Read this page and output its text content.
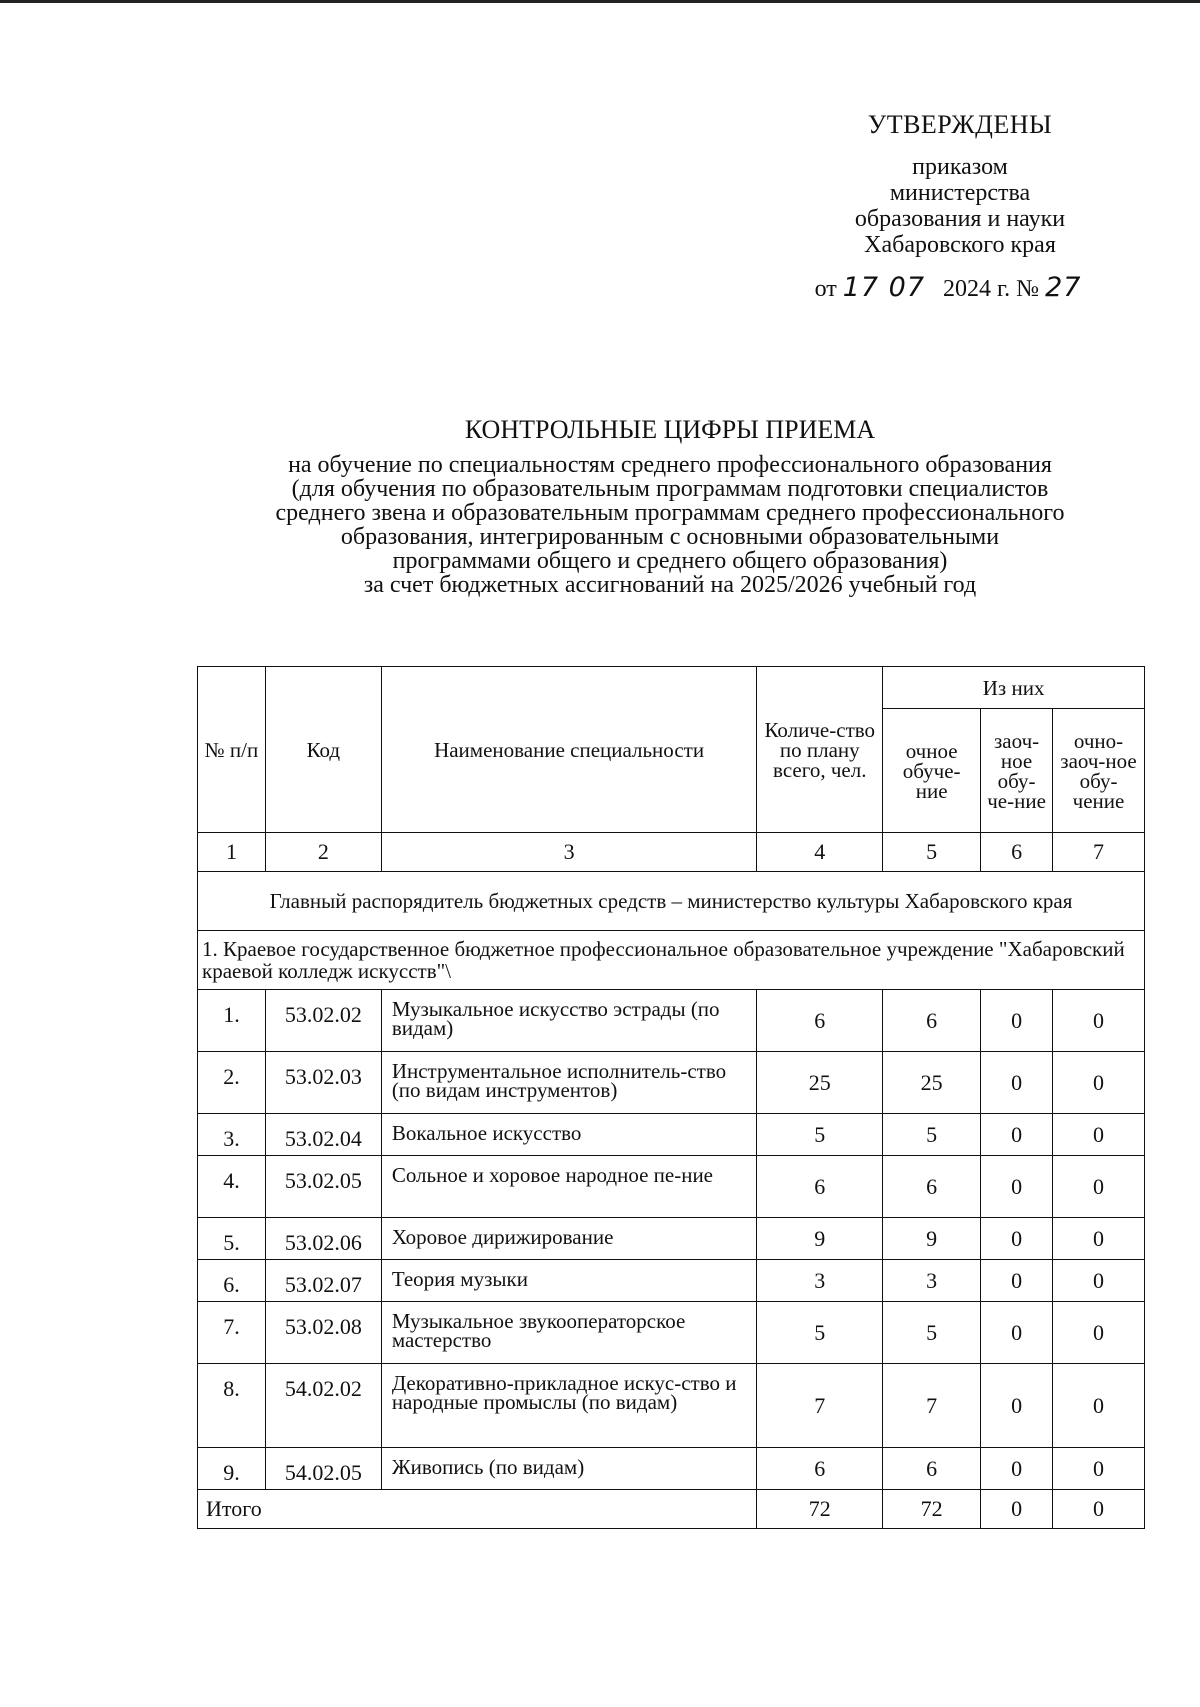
УТВЕРЖДЕНЫ
приказом
министерства
образования и науки
Хабаровского края
от 17 07 2024 г. № 27
КОНТРОЛЬНЫЕ ЦИФРЫ ПРИЕМА
на обучение по специальностям среднего профессионального образования
(для обучения по образовательным программам подготовки специалистов
среднего звена и образовательным программам среднего профессионального
образования, интегрированным с основными образовательными
программами общего и среднего общего образования)
за счет бюджетных ассигнований на 2025/2026 учебный год
№ п/п	Код	Наименование специальности	Количе-ство по плану всего, чел.	Из них		
				очное обуче-ние	заоч-ное обу-че-ние	очно-заоч-ное обу-чение
1	2	3	4	5	6	7
Главный распорядитель бюджетных средств – министерство культуры Хабаровского края						
1. Краевое государственное бюджетное профессиональное образовательное учреждение "Хабаровский краевой колледж искусств"\						
1.	53.02.02	Музыкальное искусство эстрады (по видам)	6	6	0	0
2.	53.02.03	Инструментальное исполнитель-ство (по видам инструментов)	25	25	0	0
3.	53.02.04	Вокальное искусство	5	5	0	0
4.	53.02.05	Сольное и хоровое народное пе-ние	6	6	0	0
5.	53.02.06	Хоровое дирижирование	9	9	0	0
6.	53.02.07	Теория музыки	3	3	0	0
7.	53.02.08	Музыкальное звукооператорское мастерство	5	5	0	0
8.	54.02.02	Декоративно-прикладное искус-ство и народные промыслы (по видам)	7	7	0	0
9.	54.02.05	Живопись (по видам)	6	6	0	0
Итого			72	72	0	0
